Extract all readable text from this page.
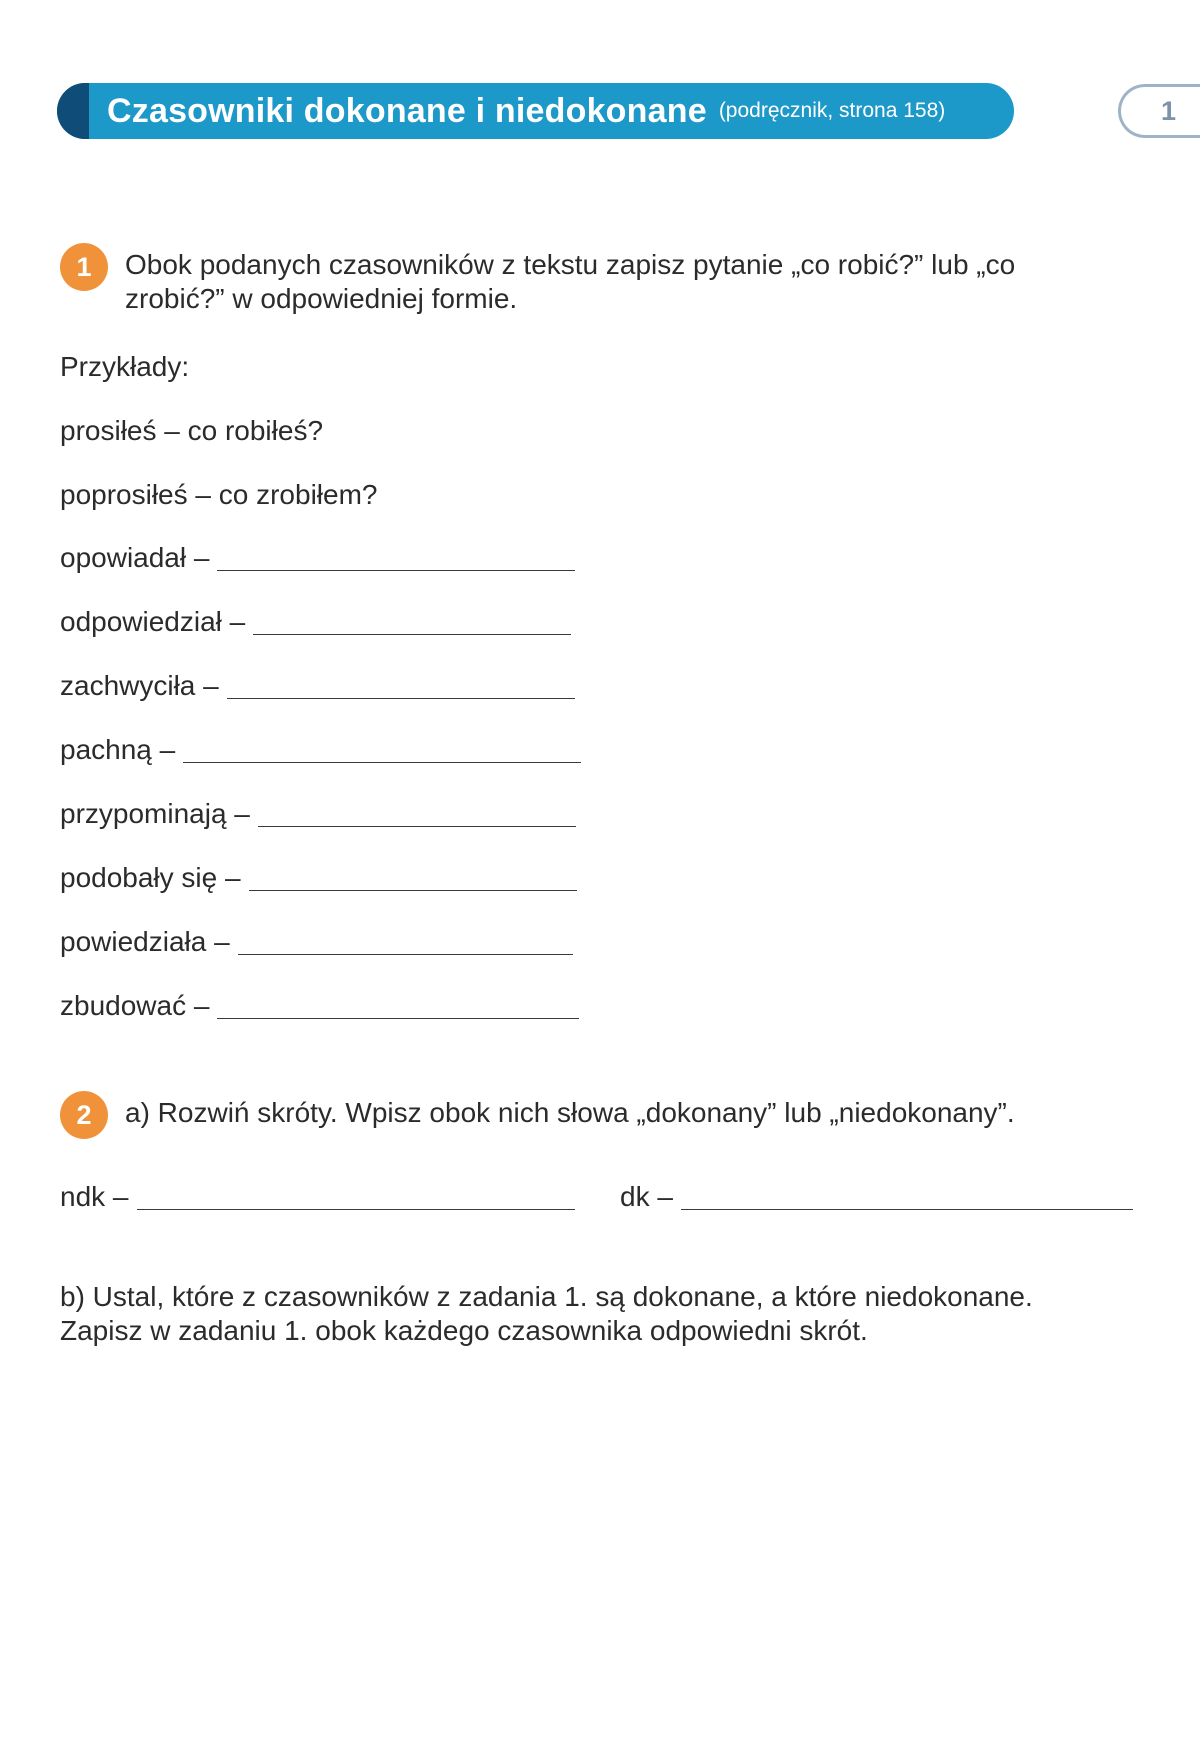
Czasowniki dokonane i niedokonane (podręcznik, strona 158)	1
1	Obok podanych czasowników z tekstu zapisz pytanie „co robić?” lub „co
zrobić?” w odpowiedniej formie.
Przykłady:
prosiłeś – co robiłeś?
poprosiłeś – co zrobiłem?
opowiadał –
odpowiedział –
zachwyciła –
pachną –
przypominają –
podobały się –
powiedziała –
zbudować –
2	a) Rozwiń skróty. Wpisz obok nich słowa „dokonany” lub „niedokonany”.
ndk –	dk –
b) Ustal, które z czasowników z zadania 1. są dokonane, a które niedokonane.
Zapisz w zadaniu 1. obok każdego czasownika odpowiedni skrót.
